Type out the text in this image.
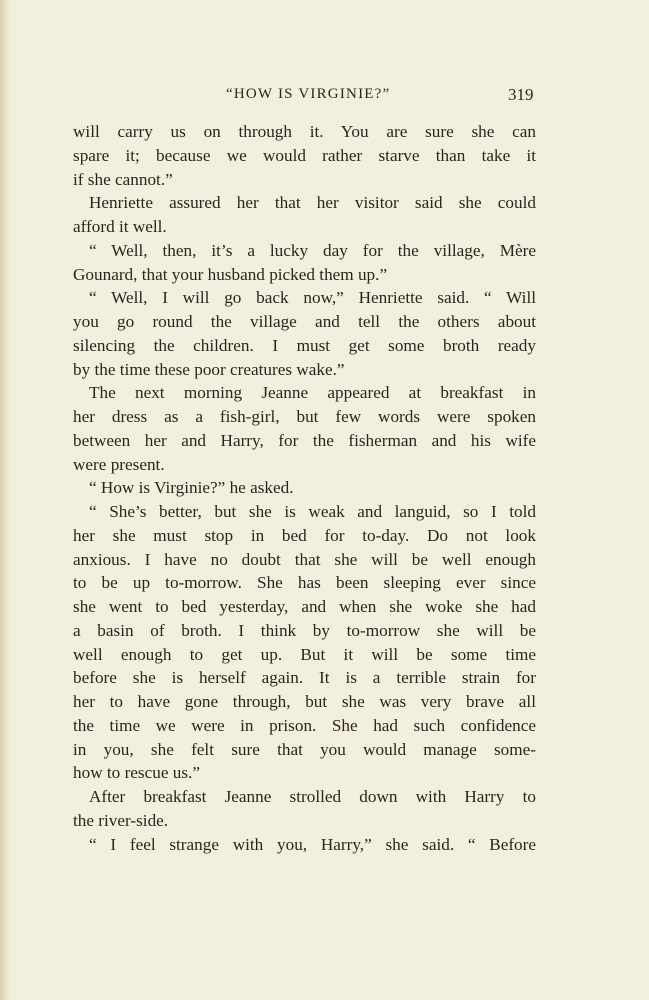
“HOW IS VIRGINIE?”	319
will carry us on through it. You are sure she can
spare it; because we would rather starve than take it
if she cannot.”
Henriette assured her that her visitor said she could
afford it well.
“ Well, then, it’s a lucky day for the village, Mère
Gounard, that your husband picked them up.”
“ Well, I will go back now,” Henriette said. “ Will
you go round the village and tell the others about
silencing the children. I must get some broth ready
by the time these poor creatures wake.”
The next morning Jeanne appeared at breakfast in
her dress as a fish-girl, but few words were spoken
between her and Harry, for the fisherman and his wife
were present.
“ How is Virginie?” he asked.
“ She’s better, but she is weak and languid, so I told
her she must stop in bed for to-day. Do not look
anxious. I have no doubt that she will be well enough
to be up to-morrow. She has been sleeping ever since
she went to bed yesterday, and when she woke she had
a basin of broth. I think by to-morrow she will be
well enough to get up. But it will be some time
before she is herself again. It is a terrible strain for
her to have gone through, but she was very brave all
the time we were in prison. She had such confidence
in you, she felt sure that you would manage some-
how to rescue us.”
After breakfast Jeanne strolled down with Harry to
the river-side.
“ I feel strange with you, Harry,” she said. “ Before
